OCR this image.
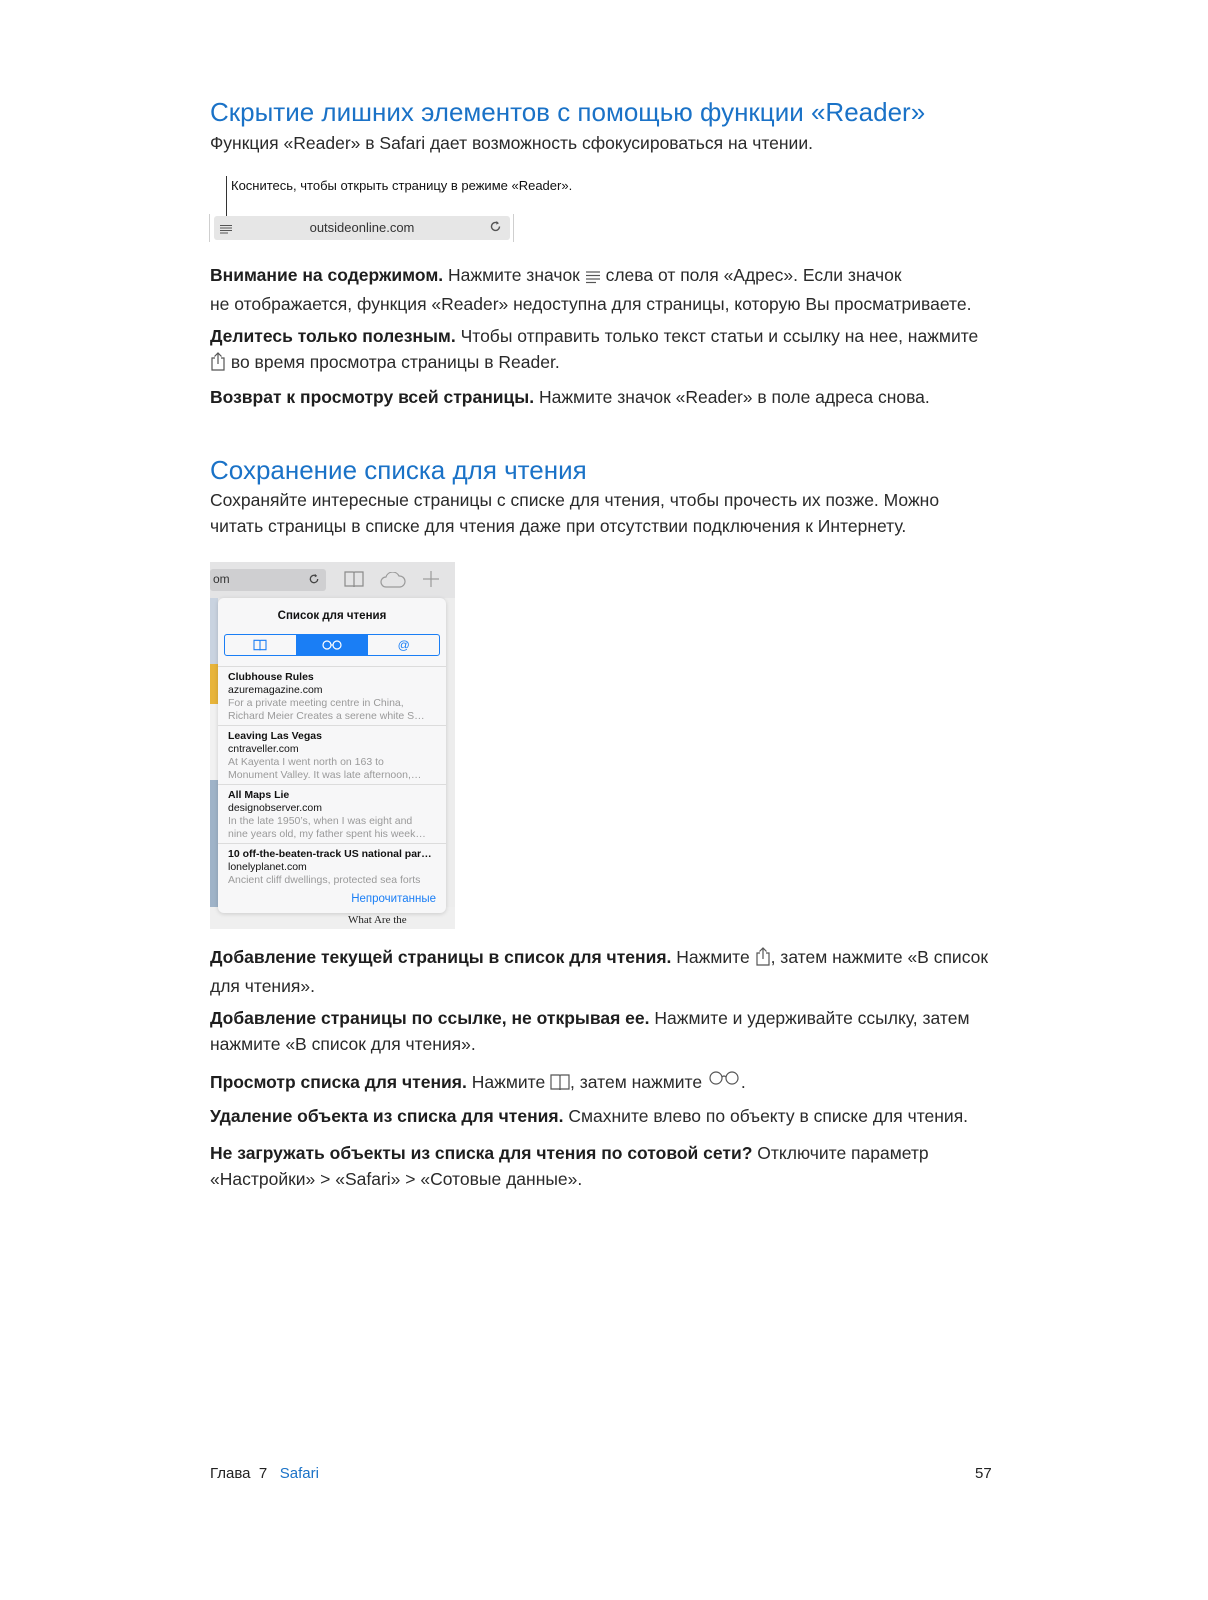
Скрытие лишних элементов с помощью функции «Reader»
Функция «Reader» в Safari дает возможность сфокусироваться на чтении.
Коснитесь, чтобы открыть страницу в режиме «Reader».
outsideonline.com
Внимание на содержимом. Нажмите значок  слева от поля «Адрес». Если значок
не отображается, функция «Reader» недоступна для страницы, которую Вы просматриваете.
Делитесь только полезным. Чтобы отправить только текст статьи и ссылку на нее, нажмите
во время просмотра страницы в Reader.
Возврат к просмотру всей страницы. Нажмите значок «Reader» в поле адреса снова.
Сохранение списка для чтения
Сохраняйте интересные страницы с списке для чтения, чтобы прочесть их позже. Можно
читать страницы в списке для чтения даже при отсутствии подключения к Интернету.
om
What Are the
Список для чтения
@
Clubhouse Rules
azuremagazine.com
For a private meeting centre in China,
Richard Meier Creates a serene white S…
Leaving Las Vegas
cntraveller.com
At Kayenta I went north on 163 to
Monument Valley. It was late afternoon,…
All Maps Lie
designobserver.com
In the late 1950’s, when I was eight and
nine years old, my father spent his week…
10 off-the-beaten-track US national par…
lonelyplanet.com
Ancient cliff dwellings, protected sea forts
Непрочитанные
Добавление текущей страницы в список для чтения. Нажмите , затем нажмите «В список
для чтения».
Добавление страницы по ссылке, не открывая ее. Нажмите и удерживайте ссылку, затем
нажмите «В список для чтения».
Просмотр списка для чтения. Нажмите , затем нажмите .
Удаление объекта из списка для чтения. Смахните влево по объекту в списке для чтения.
Не загружать объекты из списка для чтения по сотовой сети? Отключите параметр
«Настройки» > «Safari» > «Сотовые данные».
Глава  7 Safari	57
